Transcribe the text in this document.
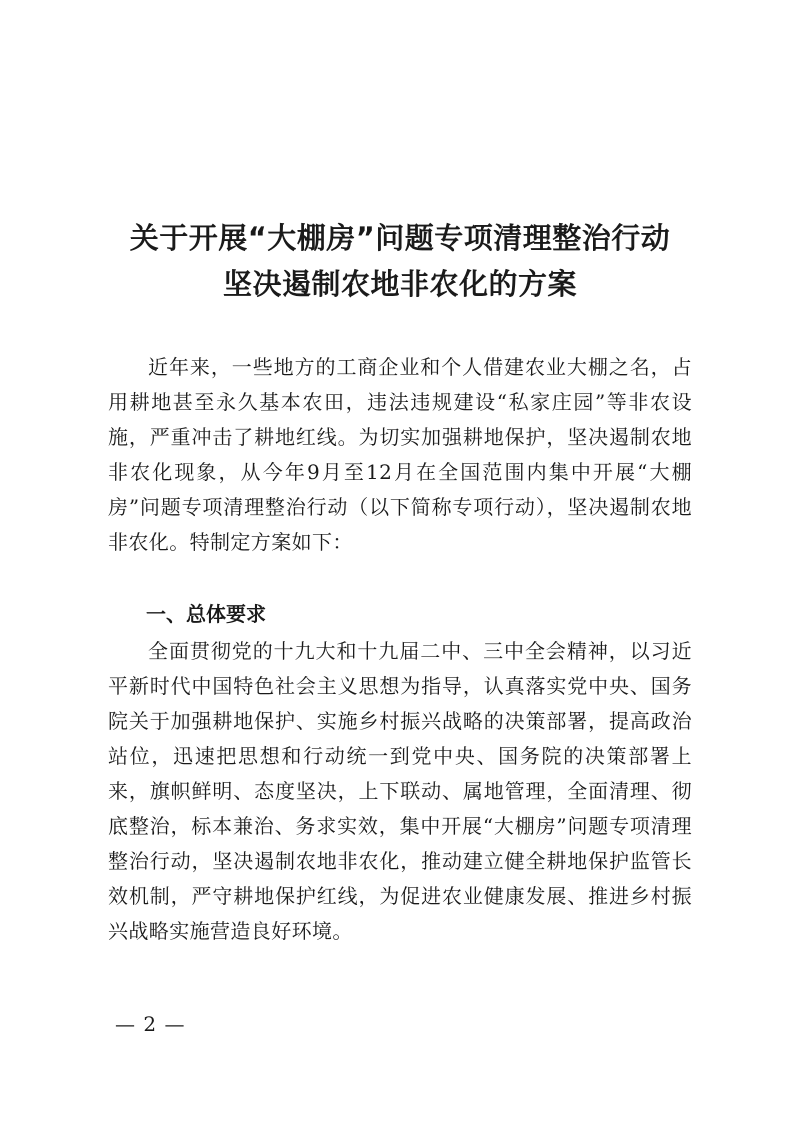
关于开展“大棚房”问题专项清理整治行动
坚决遏制农地非农化的方案

近年来，一些地方的工商企业和个人借建农业大棚之名，占用耕地甚至永久基本农田，违法违规建设“私家庄园”等非农设施，严重冲击了耕地红线。为切实加强耕地保护，坚决遏制农地非农化现象，从今年9月至12月在全国范围内集中开展“大棚房”问题专项清理整治行动（以下简称专项行动），坚决遏制农地非农化。特制定方案如下：

一、总体要求

全面贯彻党的十九大和十九届二中、三中全会精神，以习近平新时代中国特色社会主义思想为指导，认真落实党中央、国务院关于加强耕地保护、实施乡村振兴战略的决策部署，提高政治站位，迅速把思想和行动统一到党中央、国务院的决策部署上来，旗帜鲜明、态度坚决，上下联动、属地管理，全面清理、彻底整治，标本兼治、务求实效，集中开展“大棚房”问题专项清理整治行动，坚决遏制农地非农化，推动建立健全耕地保护监管长效机制，严守耕地保护红线，为促进农业健康发展、推进乡村振兴战略实施营造良好环境。

— 2 —
